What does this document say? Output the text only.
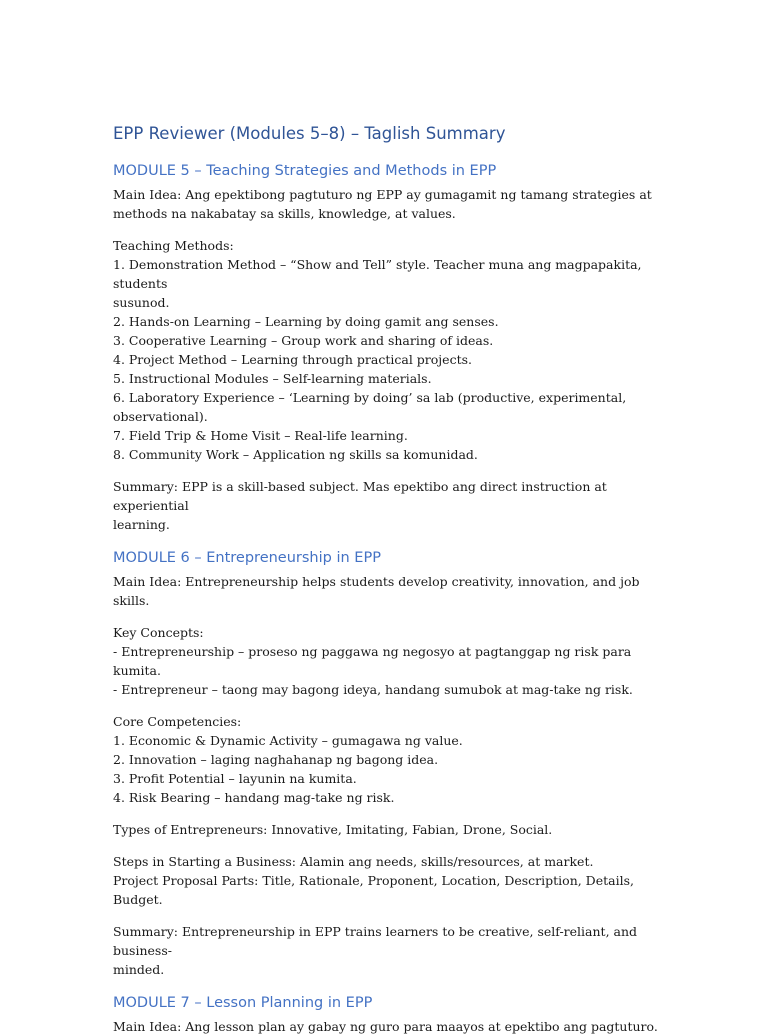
EPP Reviewer (Modules 5–8) – Taglish Summary
MODULE 5 – Teaching Strategies and Methods in EPP

Main Idea: Ang epektibong pagtuturo ng EPP ay gumagamit ng tamang strategies at
methods na nakabatay sa skills, knowledge, at values.

Teaching Methods:
1. Demonstration Method – “Show and Tell” style. Teacher muna ang magpapakita, students
susunod.
2. Hands-on Learning – Learning by doing gamit ang senses.
3. Cooperative Learning – Group work and sharing of ideas.
4. Project Method – Learning through practical projects.
5. Instructional Modules – Self-learning materials.
6. Laboratory Experience – ‘Learning by doing’ sa lab (productive, experimental,
observational).
7. Field Trip & Home Visit – Real-life learning.
8. Community Work – Application ng skills sa komunidad.

Summary: EPP is a skill-based subject. Mas epektibo ang direct instruction at experiential
learning.

MODULE 6 – Entrepreneurship in EPP

Main Idea: Entrepreneurship helps students develop creativity, innovation, and job skills.

Key Concepts:
- Entrepreneurship – proseso ng paggawa ng negosyo at pagtanggap ng risk para kumita.
- Entrepreneur – taong may bagong ideya, handang sumubok at mag-take ng risk.

Core Competencies:
1. Economic & Dynamic Activity – gumagawa ng value.
2. Innovation – laging naghahanap ng bagong idea.
3. Profit Potential – layunin na kumita.
4. Risk Bearing – handang mag-take ng risk.

Types of Entrepreneurs: Innovative, Imitating, Fabian, Drone, Social.

Steps in Starting a Business: Alamin ang needs, skills/resources, at market.
Project Proposal Parts: Title, Rationale, Proponent, Location, Description, Details, Budget.

Summary: Entrepreneurship in EPP trains learners to be creative, self-reliant, and business-
minded.

MODULE 7 – Lesson Planning in EPP

Main Idea: Ang lesson plan ay gabay ng guro para maayos at epektibo ang pagtuturo.
